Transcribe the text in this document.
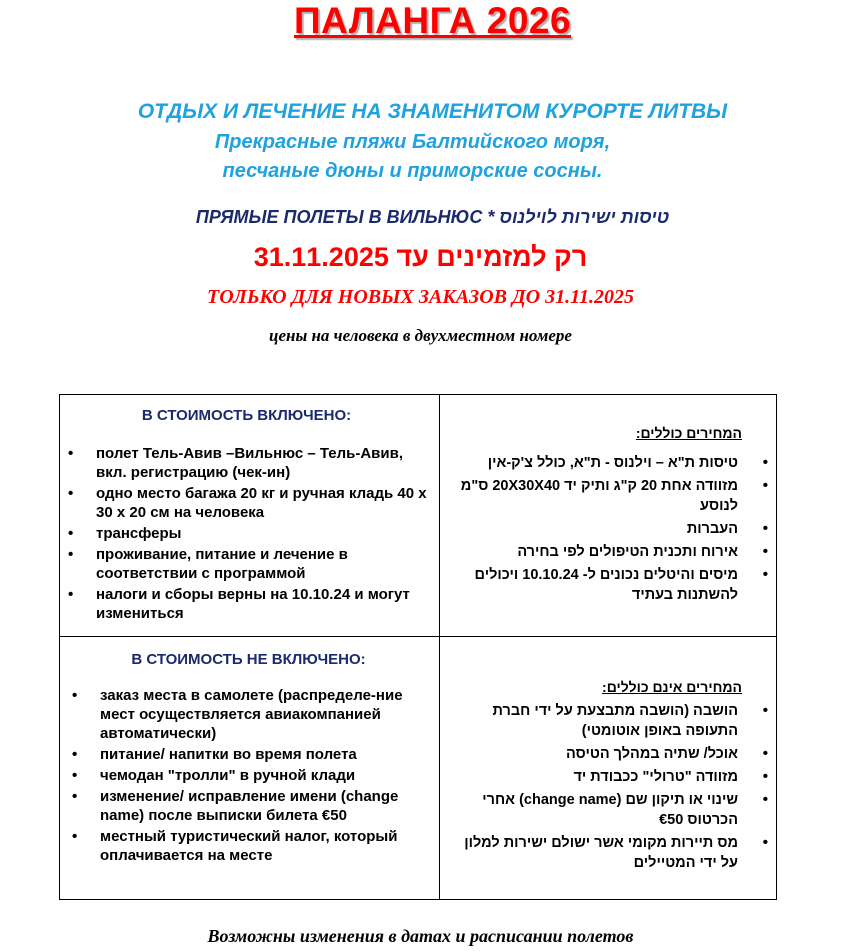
ПАЛАНГА 2026
ОТДЫХ И ЛЕЧЕНИЕ НА ЗНАМЕНИТОМ КУРОРТЕ ЛИТВЫ
Прекрасные пляжи Балтийского моря,
песчаные дюны и приморские сосны.
ПРЯМЫЕ ПОЛЕТЫ В ВИЛЬНЮС * טיסות ישירות לוילנוס
רק למזמינים עד 31.11.2025
ТОЛЬКО ДЛЯ НОВЫХ ЗАКАЗОВ ДО 31.11.2025
цены на человека в двухместном номере
В СТОИМОСТЬ ВКЛЮЧЕНО:
• полет Тель-Авив –Вильнюс – Тель-Авив, вкл. регистрацию (чек-ин)
• одно место багажа 20 кг и ручная кладь 40 х 30 х 20 см на человека
• трансферы
• проживание, питание и лечение в соответствии с программой
• налоги и сборы верны на 10.10.24 и могут измениться
המחירים כוללים:
• טיסות ת"א – וילנוס - ת"א, כולל צ'ק-אין
• מזוודה אחת 20 ק"ג ותיק יד 20X30X40 ס"מ לנוסע
• העברות
• אירוח ותכנית הטיפולים לפי בחירה
• מיסים והיטלים נכונים ל- 10.10.24 ויכולים להשתנות בעתיד
В СТОИМОСТЬ НЕ ВКЛЮЧЕНО:
• заказ места в самолете (распределе-ние мест осуществляется авиакомпанией автоматически)
• питание/ напитки во время полета
• чемодан "тролли" в ручной клади
• изменение/ исправление имени (change name) после выписки билета €50
• местный туристический налог, который оплачивается на месте
המחירים אינם כוללים:
• הושבה (הושבה מתבצעת על ידי חברת התעופה באופן אוטומטי)
• אוכל/ שתיה במהלך הטיסה
• מזוודה "טרולי" ככבודת יד
• שינוי או תיקון שם (change name) אחרי הכרטוס €50
• מס תיירות מקומי אשר ישולם ישירות למלון על ידי המטיילים
Возможны изменения в датах и расписании полетов
